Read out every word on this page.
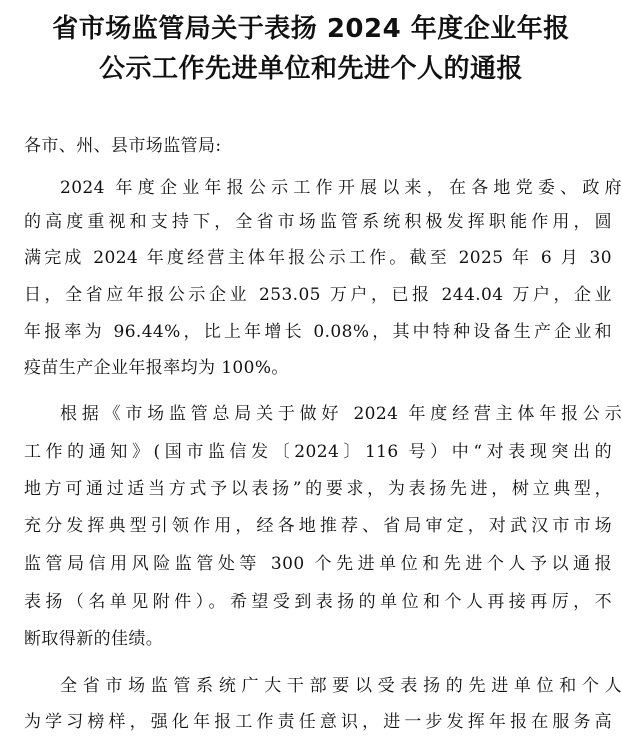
省市场监管局关于表扬 2024 年度企业年报
公示工作先进单位和先进个人的通报
各市、州、县市场监管局:
2024 年度企业年报公示工作开展以来，在各地党委、政府
的高度重视和支持下，全省市场监管系统积极发挥职能作用，圆
满完成 2024 年度经营主体年报公示工作。截至 2025 年 6 月 30
日，全省应年报公示企业 253.05 万户，已报 244.04 万户，企业
年报率为 96.44%，比上年增长 0.08%，其中特种设备生产企业和
疫苗生产企业年报率均为 100%。
根据《市场监管总局关于做好 2024 年度经营主体年报公示
工作的通知》(国市监信发〔2024〕116 号）中“对表现突出的
地方可通过适当方式予以表扬”的要求，为表扬先进，树立典型，
充分发挥典型引领作用，经各地推荐、省局审定，对武汉市市场
监管局信用风险监管处等 300 个先进单位和先进个人予以通报
表扬（名单见附件）。希望受到表扬的单位和个人再接再厉，不
断取得新的佳绩。
全省市场监管系统广大干部要以受表扬的先进单位和个人
为学习榜样，强化年报工作责任意识，进一步发挥年报在服务高
